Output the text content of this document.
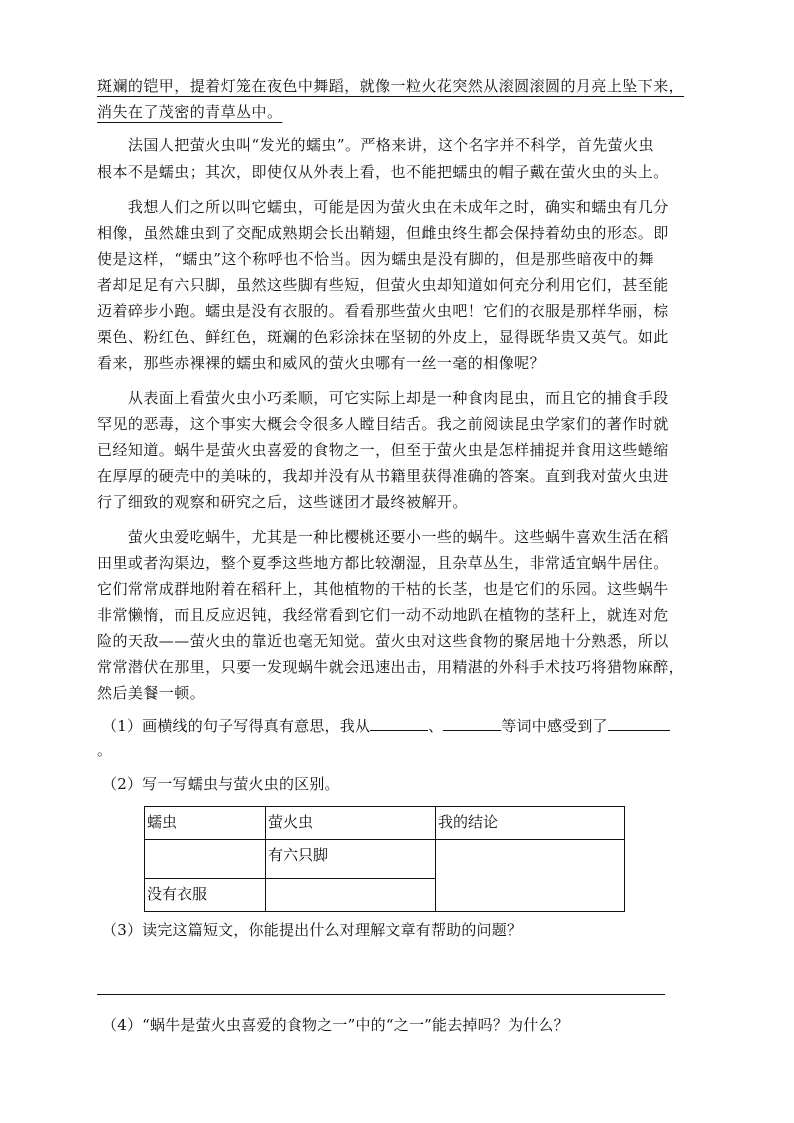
斑斓的铠甲，提着灯笼在夜色中舞蹈，就像一粒火花突然从滚圆滚圆的月亮上坠下来，
消失在了茂密的青草丛中。
　　法国人把萤火虫叫“发光的蠕虫”。严格来讲，这个名字并不科学，首先萤火虫
根本不是蠕虫；其次，即使仅从外表上看，也不能把蠕虫的帽子戴在萤火虫的头上。
　　我想人们之所以叫它蠕虫，可能是因为萤火虫在未成年之时，确实和蠕虫有几分
相像，虽然雄虫到了交配成熟期会长出鞘翅，但雌虫终生都会保持着幼虫的形态。即
使是这样，“蠕虫”这个称呼也不恰当。因为蠕虫是没有脚的，但是那些暗夜中的舞
者却足足有六只脚，虽然这些脚有些短，但萤火虫却知道如何充分利用它们，甚至能
迈着碎步小跑。蠕虫是没有衣服的。看看那些萤火虫吧！它们的衣服是那样华丽，棕
栗色、粉红色、鲜红色，斑斓的色彩涂抹在坚韧的外皮上，显得既华贵又英气。如此
看来，那些赤裸裸的蠕虫和威风的萤火虫哪有一丝一毫的相像呢？
　　从表面上看萤火虫小巧柔顺，可它实际上却是一种食肉昆虫，而且它的捕食手段
罕见的恶毒，这个事实大概会令很多人瞠目结舌。我之前阅读昆虫学家们的著作时就
已经知道。蜗牛是萤火虫喜爱的食物之一，但至于萤火虫是怎样捕捉并食用这些蜷缩
在厚厚的硬壳中的美味的，我却并没有从书籍里获得准确的答案。直到我对萤火虫进
行了细致的观察和研究之后，这些谜团才最终被解开。
　　萤火虫爱吃蜗牛，尤其是一种比樱桃还要小一些的蜗牛。这些蜗牛喜欢生活在稻
田里或者沟渠边，整个夏季这些地方都比较潮湿，且杂草丛生，非常适宜蜗牛居住。
它们常常成群地附着在稻秆上，其他植物的干枯的长茎，也是它们的乐园。这些蜗牛
非常懒惰，而且反应迟钝，我经常看到它们一动不动地趴在植物的茎秆上，就连对危
险的天敌——萤火虫的靠近也毫无知觉。萤火虫对这些食物的聚居地十分熟悉，所以
常常潜伏在那里，只要一发现蜗牛就会迅速出击，用精湛的外科手术技巧将猎物麻醉，
然后美餐一顿。
（1）画横线的句子写得真有意思，我从	、	等词中感受到了
。
（2）写一写蠕虫与萤火虫的区别。
蠕虫	萤火虫	我的结论
	有六只脚	
没有衣服		
（3）读完这篇短文，你能提出什么对理解文章有帮助的问题？
（4）“蜗牛是萤火虫喜爱的食物之一”中的“之一”能去掉吗？为什么？
